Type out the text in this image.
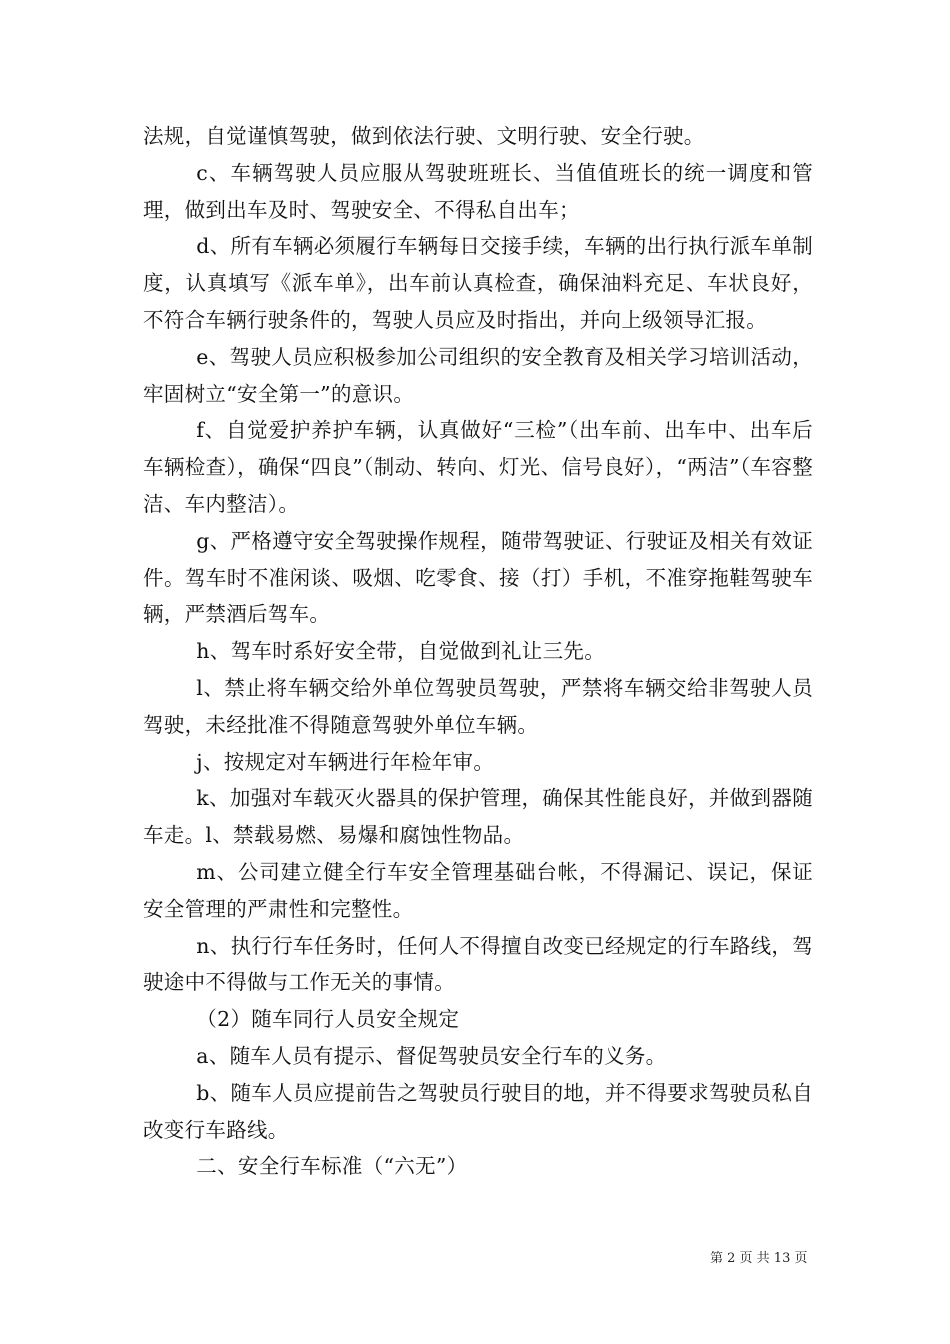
法规，自觉谨慎驾驶，做到依法行驶、文明行驶、安全行驶。

c、车辆驾驶人员应服从驾驶班班长、当值值班长的统一调度和管理，做到出车及时、驾驶安全、不得私自出车；

d、所有车辆必须履行车辆每日交接手续，车辆的出行执行派车单制度，认真填写《派车单》，出车前认真检查，确保油料充足、车状良好，不符合车辆行驶条件的，驾驶人员应及时指出，并向上级领导汇报。

e、驾驶人员应积极参加公司组织的安全教育及相关学习培训活动，牢固树立“安全第一”的意识。

f、自觉爱护养护车辆，认真做好“三检”（出车前、出车中、出车后车辆检查），确保“四良”（制动、转向、灯光、信号良好），“两洁”（车容整洁、车内整洁）。

g、严格遵守安全驾驶操作规程，随带驾驶证、行驶证及相关有效证件。驾车时不准闲谈、吸烟、吃零食、接（打）手机，不准穿拖鞋驾驶车辆，严禁酒后驾车。

h、驾车时系好安全带，自觉做到礼让三先。

l、禁止将车辆交给外单位驾驶员驾驶，严禁将车辆交给非驾驶人员驾驶，未经批准不得随意驾驶外单位车辆。

j、按规定对车辆进行年检年审。

k、加强对车载灭火器具的保护管理，确保其性能良好，并做到器随车走。l、禁载易燃、易爆和腐蚀性物品。

m、公司建立健全行车安全管理基础台帐，不得漏记、误记，保证安全管理的严肃性和完整性。

n、执行行车任务时，任何人不得擅自改变已经规定的行车路线，驾驶途中不得做与工作无关的事情。

（2）随车同行人员安全规定

a、随车人员有提示、督促驾驶员安全行车的义务。

b、随车人员应提前告之驾驶员行驶目的地，并不得要求驾驶员私自改变行车路线。

二、安全行车标准（“六无”）

第 2 页 共 13 页
